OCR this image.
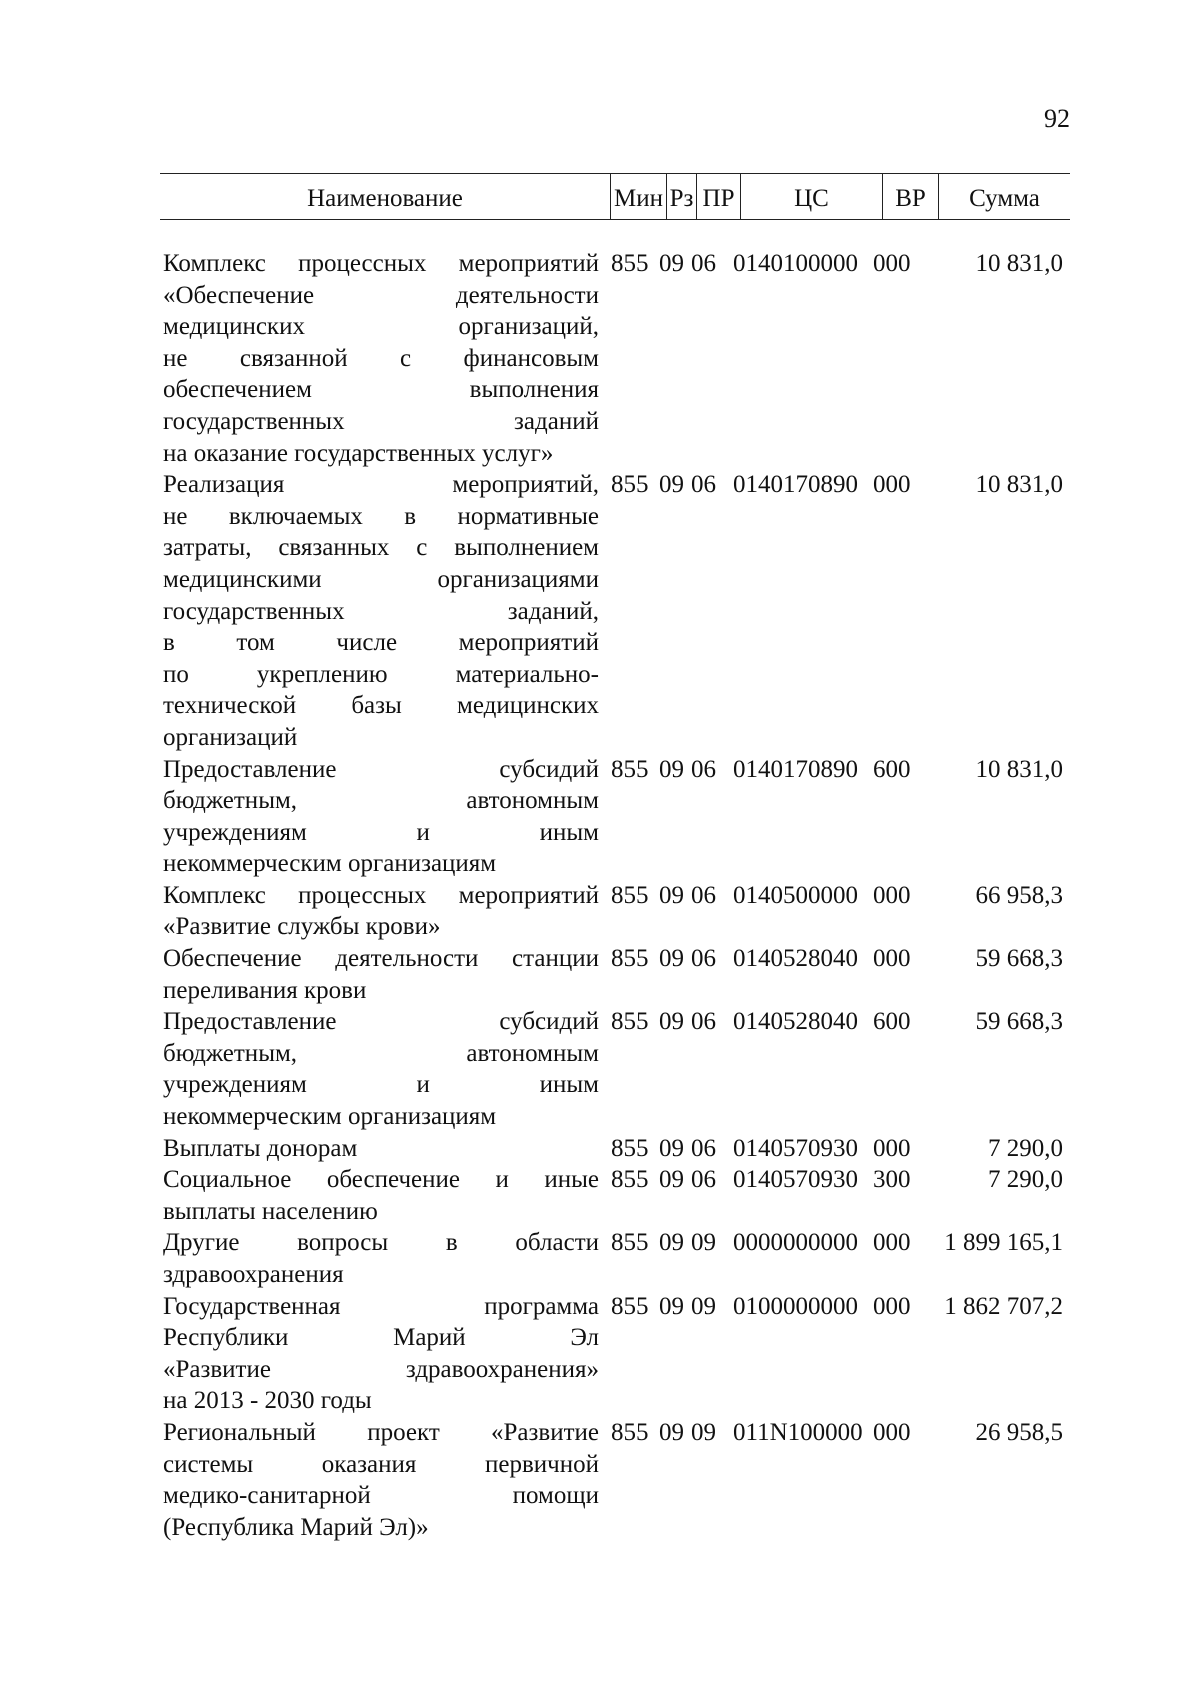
92
Наименование	Мин Рз ПР	ЦС	ВР	Сумма
Комплекс процессных мероприятий
«Обеспечение деятельности
медицинских организаций,
не связанной с финансовым
обеспечением выполнения
государственных заданий
на оказание государственных услуг»
855 09 06 0140100000 000	10 831,0
Реализация мероприятий,
не включаемых в нормативные
затраты, связанных с выполнением
медицинскими организациями
государственных заданий,
в том числе мероприятий
по укреплению материально-
технической базы медицинских
организаций
855 09 06 0140170890 000	10 831,0
Предоставление субсидий
бюджетным, автономным
учреждениям и иным
некоммерческим организациям
855 09 06 0140170890 600	10 831,0
Комплекс процессных мероприятий
«Развитие службы крови»
855 09 06 0140500000 000	66 958,3
Обеспечение деятельности станции
переливания крови
855 09 06 0140528040 000	59 668,3
Предоставление субсидий
бюджетным, автономным
учреждениям и иным
некоммерческим организациям
855 09 06 0140528040 600	59 668,3
Выплаты донорам	855 09 06 0140570930 000	7 290,0
Социальное обеспечение и иные
выплаты населению
855 09 06 0140570930 300	7 290,0
Другие вопросы в области
здравоохранения
855 09 09 0000000000 000	1 899 165,1
Государственная программа
Республики Марий Эл
«Развитие здравоохранения»
на 2013 - 2030 годы
855 09 09 0100000000 000	1 862 707,2
Региональный проект «Развитие
системы оказания первичной
медико-санитарной помощи
(Республика Марий Эл)»
855 09 09 011N100000 000	26 958,5
